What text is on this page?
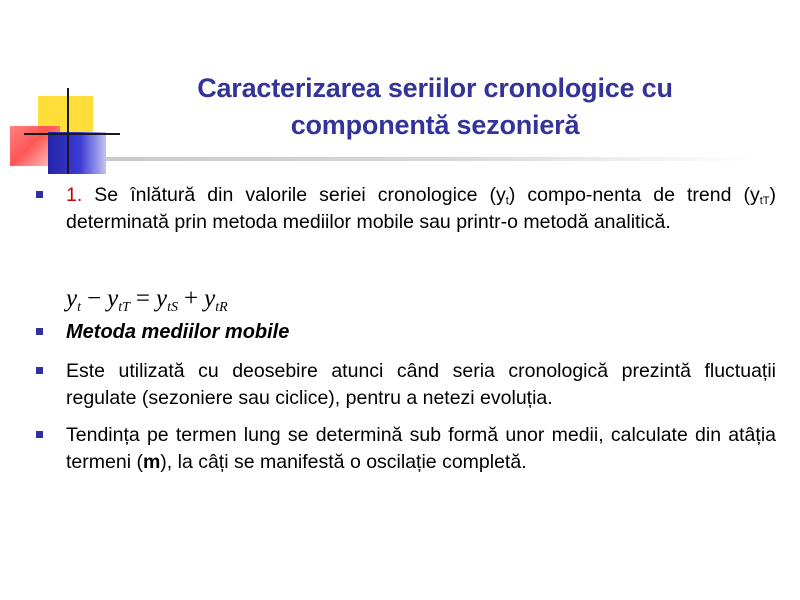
Caracterizarea seriilor cronologice cu
componentă sezonieră
1. Se înlătură din valorile seriei cronologice $(y_t)$ compo-nenta de trend $(y_{tT})$ determinată prin metoda mediilor mobile sau printr-o metodă analitică.
$y_t - y_{tT} = y_{tS} + y_{tR}$
Metoda mediilor mobile
Este utilizată cu deosebire atunci când seria cronologică prezintă fluctuații regulate (sezoniere sau ciclice), pentru a netezi evoluția.
Tendința pe termen lung se determină sub formă unor medii, calculate din atâția termeni (m), la câți se manifestă o oscilație completă.
